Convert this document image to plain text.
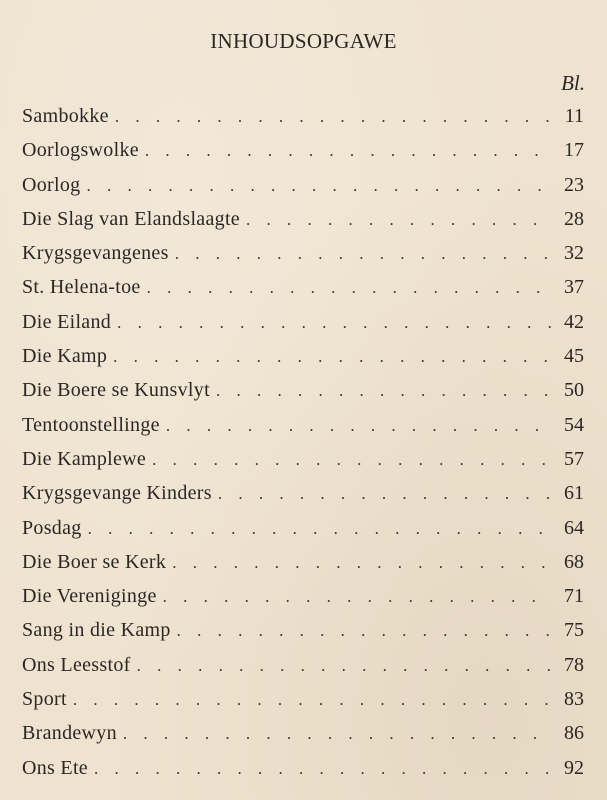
INHOUDSOPGAWE
Bl.
Sambokke . . .	11
Oorlogswolke . . .	17
Oorlog . . .	23
Die Slag van Elandslaagte . . .	28
Krygsgevangenes . . .	32
St. Helena-toe . . .	37
Die Eiland . . .	42
Die Kamp . . .	45
Die Boere se Kunsvlyt . . .	50
Tentoonstellinge . . .	54
Die Kamplewe . . .	57
Krygsgevange Kinders . . .	61
Posdag . . .	64
Die Boer se Kerk . . .	68
Die Vereniginge . . .	71
Sang in die Kamp . . .	75
Ons Leesstof . . .	78
Sport . . .	83
Brandewyn . . .	86
Ons Ete . . .	92
